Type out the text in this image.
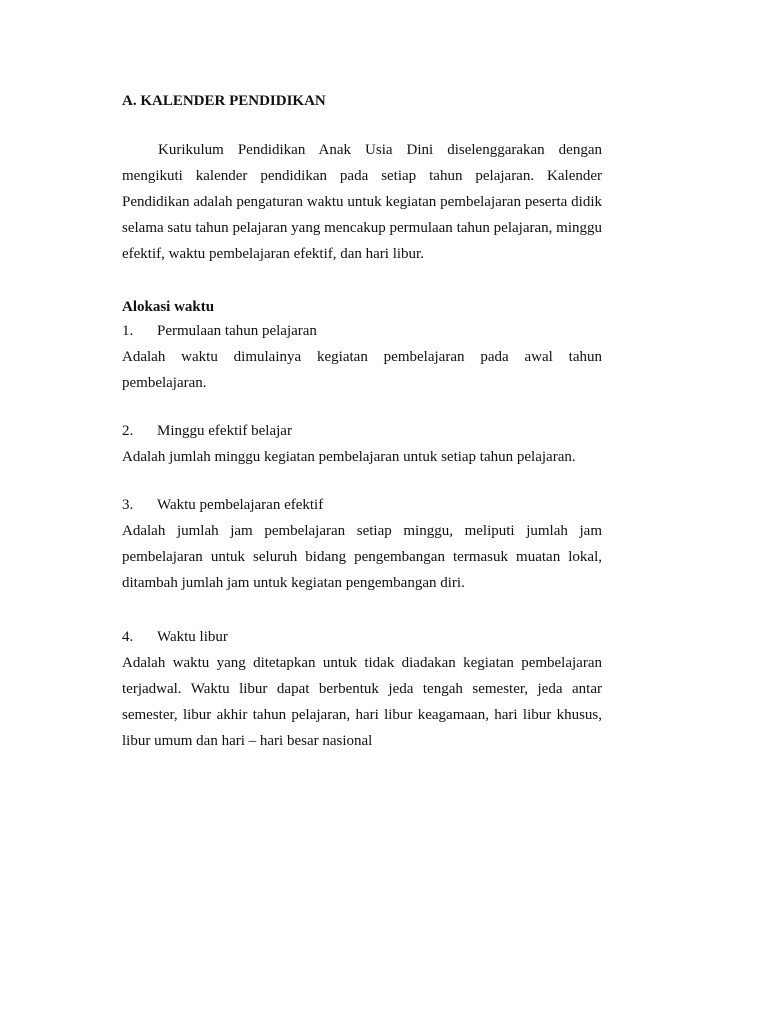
A. KALENDER PENDIDIKAN

Kurikulum Pendidikan Anak Usia Dini diselenggarakan dengan mengikuti kalender pendidikan pada setiap tahun pelajaran. Kalender Pendidikan adalah pengaturan waktu untuk kegiatan pembelajaran peserta didik selama satu tahun pelajaran yang mencakup permulaan tahun pelajaran, minggu efektif, waktu pembelajaran efektif, dan hari libur.

Alokasi waktu

1.	Permulaan tahun pelajaran

Adalah waktu dimulainya kegiatan pembelajaran pada awal tahun pembelajaran.

2.	Minggu efektif belajar

Adalah jumlah minggu kegiatan pembelajaran untuk setiap tahun pelajaran.

3.	Waktu pembelajaran efektif

Adalah jumlah jam pembelajaran setiap minggu, meliputi jumlah jam pembelajaran untuk seluruh bidang pengembangan termasuk muatan lokal, ditambah jumlah jam untuk kegiatan pengembangan diri.

4.	Waktu libur

Adalah waktu yang ditetapkan untuk tidak diadakan kegiatan pembelajaran terjadwal. Waktu libur dapat berbentuk jeda tengah semester, jeda antar semester, libur akhir tahun pelajaran, hari libur keagamaan, hari libur khusus, libur umum dan hari – hari besar nasional
